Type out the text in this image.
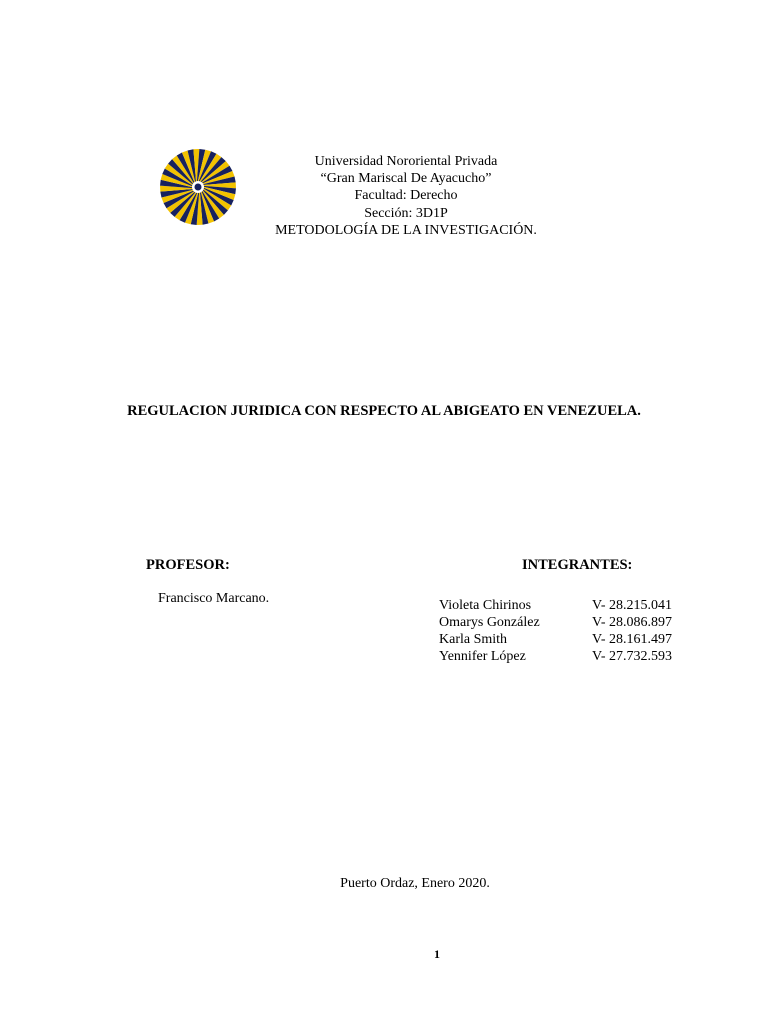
Universidad Nororiental Privada
“Gran Mariscal De Ayacucho”
Facultad: Derecho
Sección: 3D1P
METODOLOGÍA DE LA INVESTIGACIÓN.
REGULACION JURIDICA CON RESPECTO AL ABIGEATO EN VENEZUELA.
PROFESOR:
Francisco Marcano.
INTEGRANTES:
Violeta Chirinos	V- 28.215.041
Omarys González	V- 28.086.897
Karla Smith	V- 28.161.497
Yennifer López	V- 27.732.593
Puerto Ordaz, Enero 2020.
1
